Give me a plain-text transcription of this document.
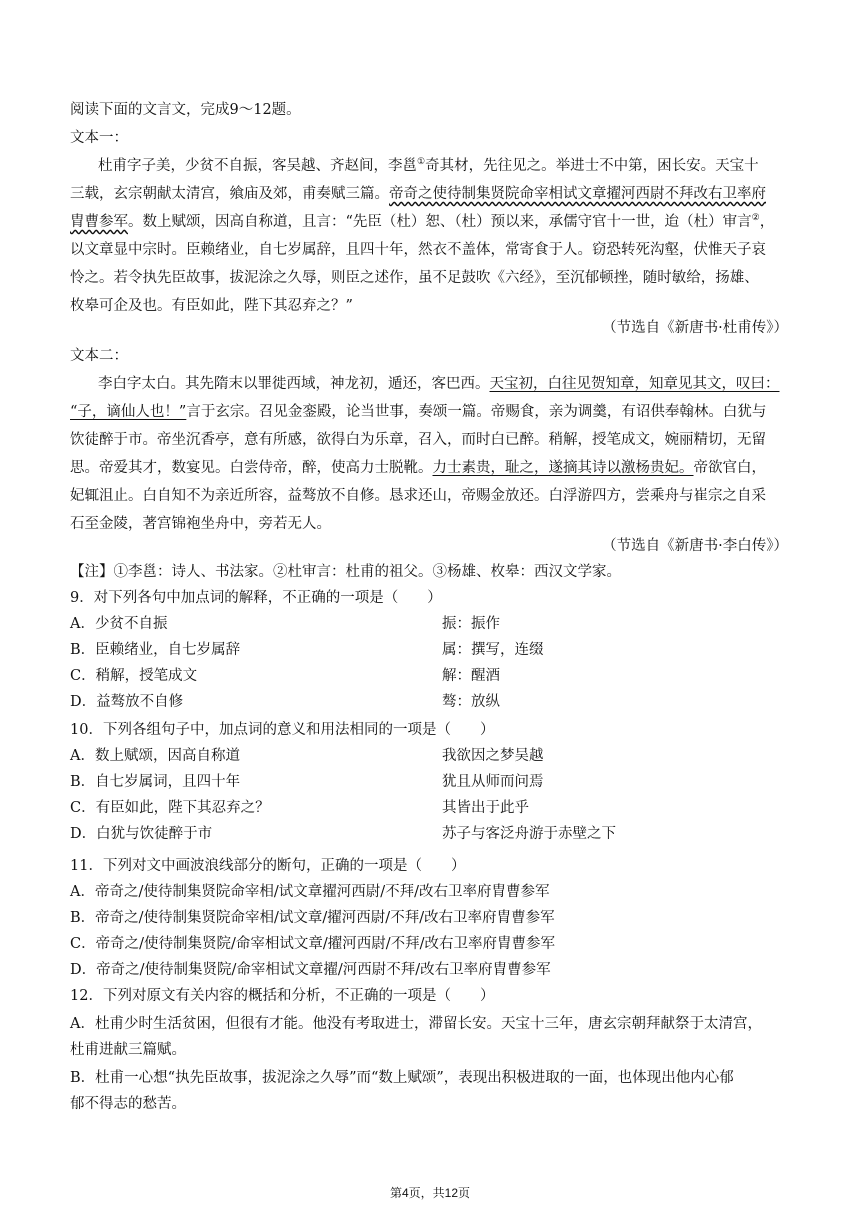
阅读下面的文言文，完成9～12题。
文本一：
杜甫字子美，少贫不自振，客吴越、齐赵间，李邕①奇其材，先往见之。举进士不中第，困长安。天宝十
三载，玄宗朝献太清宫，飨庙及郊，甫奏赋三篇。帝奇之使待制集贤院命宰相试文章擢河西尉不拜改右卫率府
胄曹参军。数上赋颂，因高自称道，且言：“先臣（杜）恕、（杜）预以来，承儒守官十一世，迨（杜）审言②，
以文章显中宗时。臣赖绪业，自七岁属辞，且四十年，然衣不盖体，常寄食于人。窃恐转死沟壑，伏惟天子哀
怜之。若令执先臣故事，拔泥涂之久辱，则臣之述作，虽不足鼓吹《六经》，至沉郁顿挫，随时敏给，扬雄、
枚皋可企及也。有臣如此，陛下其忍弃之？”
（节选自《新唐书·杜甫传》）
文本二：
李白字太白。其先隋末以罪徙西域，神龙初，遁还，客巴西。天宝初，白往见贺知章，知章见其文，叹曰：
“子，谪仙人也！”言于玄宗。召见金銮殿，论当世事，奏颂一篇。帝赐食，亲为调羹，有诏供奉翰林。白犹与
饮徒醉于市。帝坐沉香亭，意有所感，欲得白为乐章，召入，而时白已醉。稍解，授笔成文，婉丽精切，无留
思。帝爱其才，数宴见。白尝侍帝，醉，使高力士脱靴。力士素贵，耻之，遂摘其诗以激杨贵妃。帝欲官白，
妃辄沮止。白自知不为亲近所容，益骜放不自修。恳求还山，帝赐金放还。白浮游四方，尝乘舟与崔宗之自采
石至金陵，著宫锦袍坐舟中，旁若无人。
（节选自《新唐书·李白传》）
【注】①李邕：诗人、书法家。②杜审言：杜甫的祖父。③杨雄、枚皋：西汉文学家。
9．对下列各句中加点词的解释，不正确的一项是（　　）
A．少贫不自振	振：振作
B．臣赖绪业，自七岁属辞	属：撰写，连缀
C．稍解，授笔成文	解：醒酒
D．益骜放不自修	骜：放纵
10．下列各组句子中，加点词的意义和用法相同的一项是（　　）
A．数上赋颂，因高自称道	我欲因之梦吴越
B．自七岁属词，且四十年	犹且从师而问焉
C．有臣如此，陛下其忍弃之？	其皆出于此乎
D．白犹与饮徒醉于市	苏子与客泛舟游于赤壁之下
11．下列对文中画波浪线部分的断句，正确的一项是（　　）
A．帝奇之/使待制集贤院命宰相/试文章擢河西尉/不拜/改右卫率府胄曹参军
B．帝奇之/使待制集贤院命宰相/试文章/擢河西尉/不拜/改右卫率府胄曹参军
C．帝奇之/使待制集贤院/命宰相试文章/擢河西尉/不拜/改右卫率府胄曹参军
D．帝奇之/使待制集贤院/命宰相试文章擢/河西尉不拜/改右卫率府胄曹参军
12．下列对原文有关内容的概括和分析，不正确的一项是（　　）
A．杜甫少时生活贫困，但很有才能。他没有考取进士，滞留长安。天宝十三年，唐玄宗朝拜献祭于太清宫，
杜甫进献三篇赋。
B．杜甫一心想“执先臣故事，拔泥涂之久辱”而“数上赋颂”，表现出积极进取的一面，也体现出他内心郁
郁不得志的愁苦。
第4页，共12页
